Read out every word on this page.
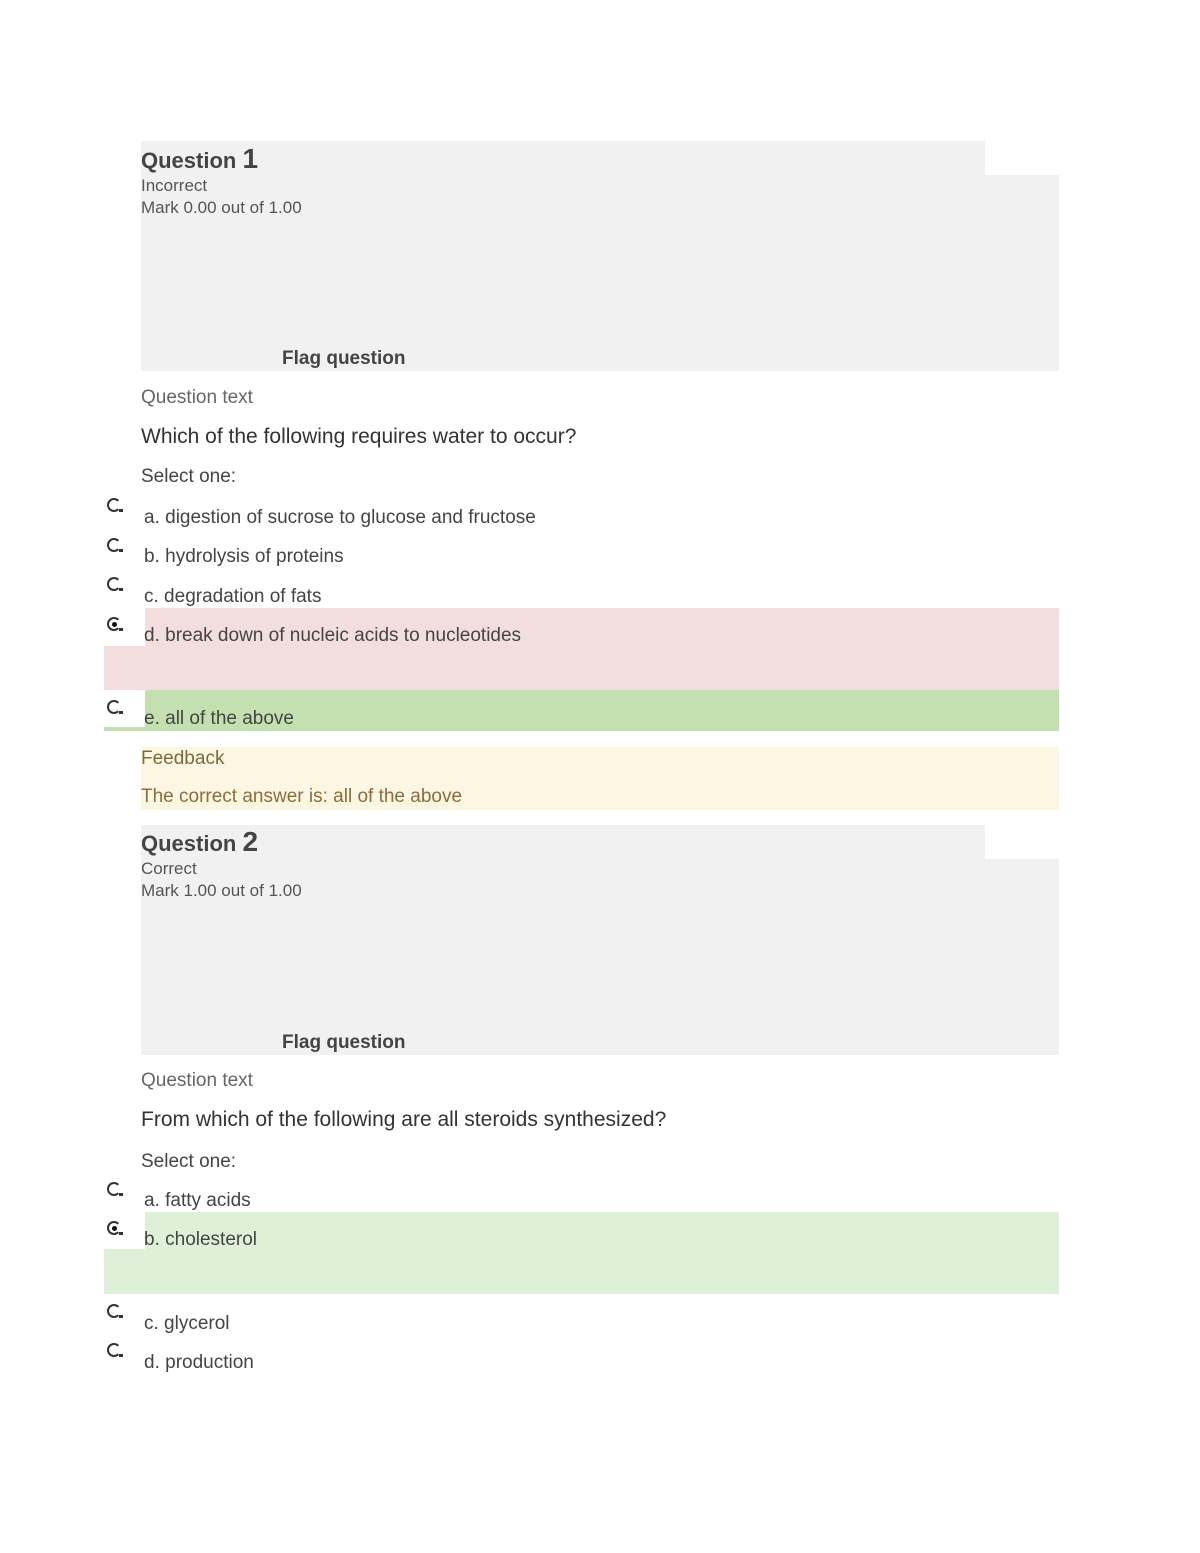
Question 1
Incorrect
Mark 0.00 out of 1.00
Flag question
Question text
Which of the following requires water to occur?
Select one:
a. digestion of sucrose to glucose and fructose
b. hydrolysis of proteins
c. degradation of fats
d. break down of nucleic acids to nucleotides
e. all of the above
Feedback
The correct answer is: all of the above
Question 2
Correct
Mark 1.00 out of 1.00
Flag question
Question text
From which of the following are all steroids synthesized?
Select one:
a. fatty acids
b. cholesterol
c. glycerol
d. production
